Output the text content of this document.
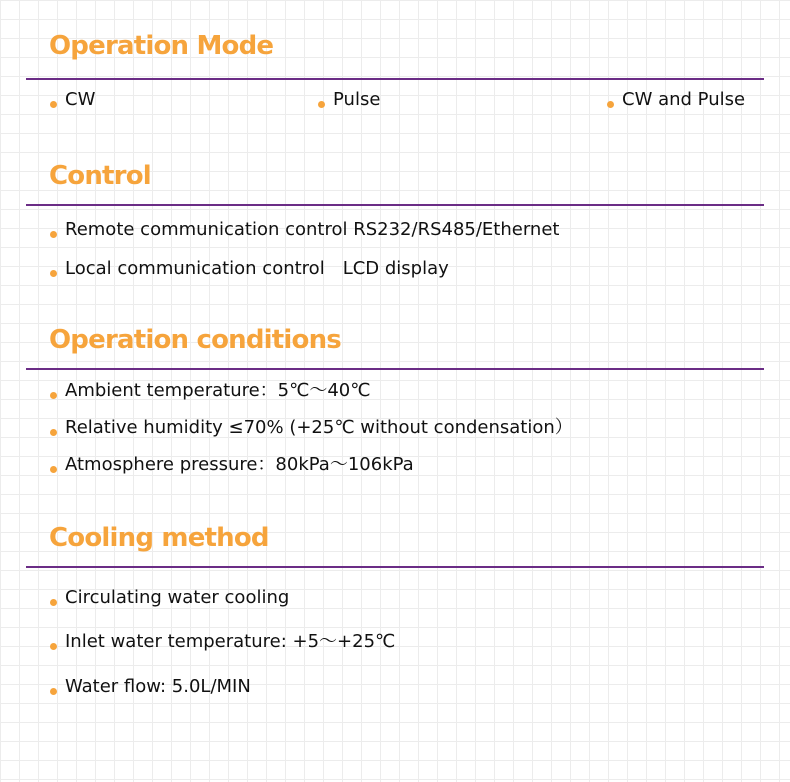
Operation Mode
CW	Pulse	CW and Pulse
Control
Remote communication control RS232/RS485/Ethernet
Local communication control LCD display
Operation conditions
Ambient temperature：5℃～40℃
Relative humidity ≤70% (+25℃ without condensation）
Atmosphere pressure：80kPa～106kPa
Cooling method
Circulating water cooling
Inlet water temperature: +5～+25℃
Water flow: 5.0L/MIN
